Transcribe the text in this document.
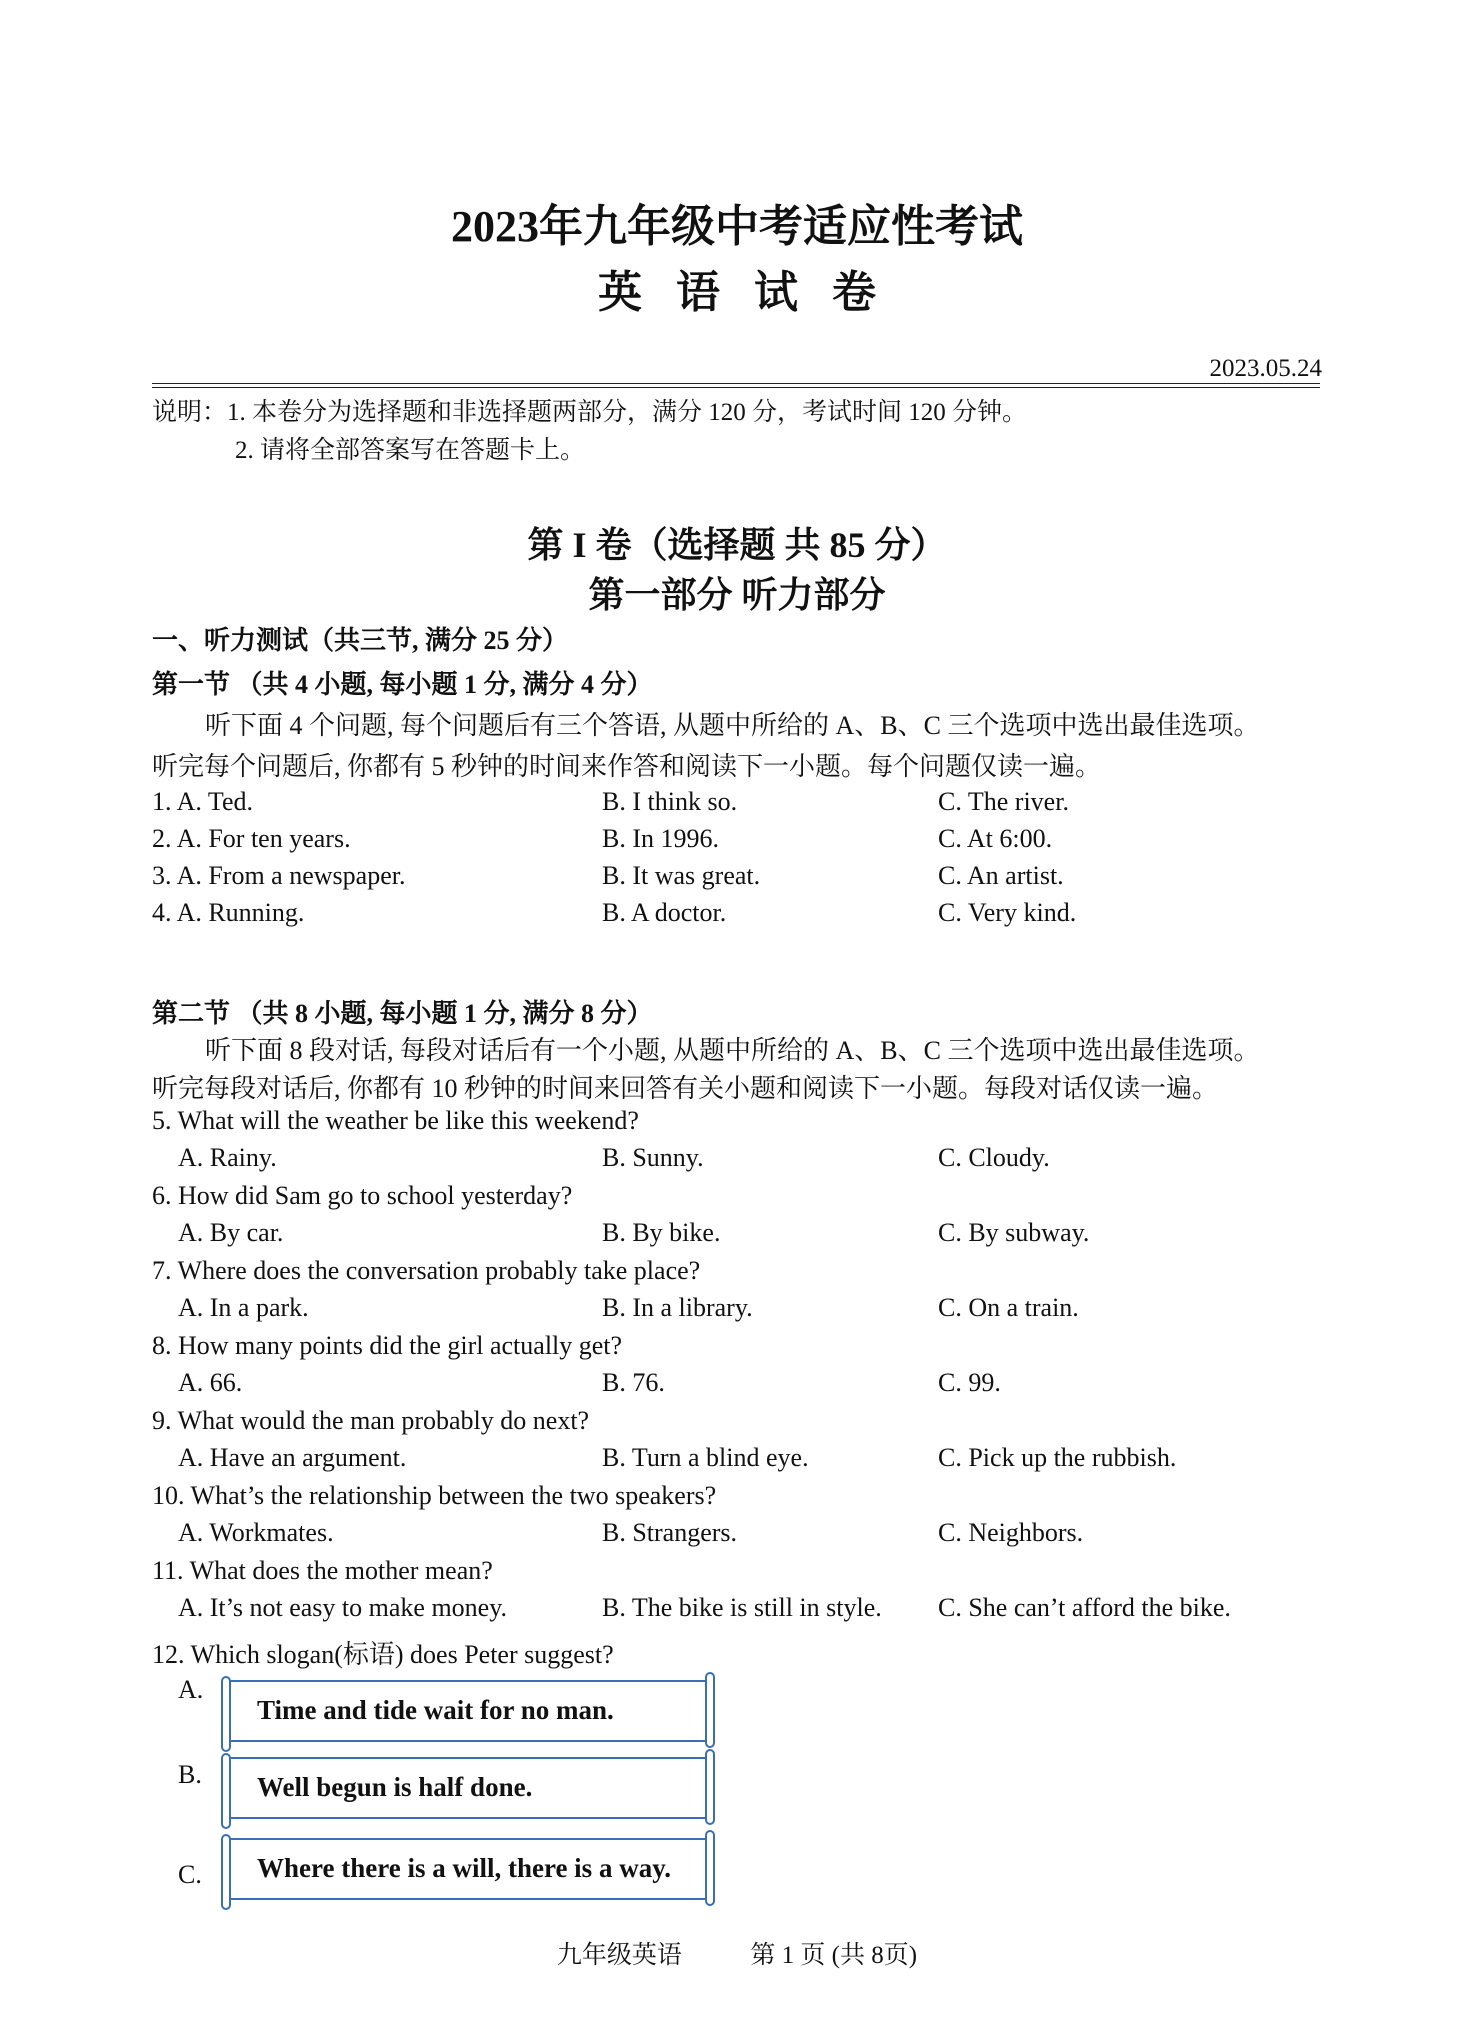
2023年九年级中考适应性考试
英语试卷
2023.05.24
说明：1. 本卷分为选择题和非选择题两部分，满分 120 分，考试时间 120 分钟。
2. 请将全部答案写在答题卡上。
第 I 卷（选择题 共 85 分）
第一部分 听力部分
一、听力测试（共三节, 满分 25 分）
第一节 （共 4 小题, 每小题 1 分, 满分 4 分）
听下面 4 个问题, 每个问题后有三个答语, 从题中所给的 A、B、C 三个选项中选出最佳选项。
听完每个问题后, 你都有 5 秒钟的时间来作答和阅读下一小题。每个问题仅读一遍。
1. A. Ted.	B. I think so.	C. The river.
2. A. For ten years.	B. In 1996.	C. At 6:00.
3. A. From a newspaper.	B. It was great.	C. An artist.
4. A. Running.	B. A doctor.	C. Very kind.
第二节 （共 8 小题, 每小题 1 分, 满分 8 分）
听下面 8 段对话, 每段对话后有一个小题, 从题中所给的 A、B、C 三个选项中选出最佳选项。
听完每段对话后, 你都有 10 秒钟的时间来回答有关小题和阅读下一小题。每段对话仅读一遍。
5. What will the weather be like this weekend?
A. Rainy.	B. Sunny.	C. Cloudy.
6. How did Sam go to school yesterday?
A. By car.	B. By bike.	C. By subway.
7. Where does the conversation probably take place?
A. In a park.	B. In a library.	C. On a train.
8. How many points did the girl actually get?
A. 66.	B. 76.	C. 99.
9. What would the man probably do next?
A. Have an argument.	B. Turn a blind eye.	C. Pick up the rubbish.
10. What’s the relationship between the two speakers?
A. Workmates.	B. Strangers.	C. Neighbors.
11. What does the mother mean?
A. It’s not easy to make money.	B. The bike is still in style. C. She can’t afford the bike.
12. Which slogan(标语) does Peter suggest?
A.
Time and tide wait for no man.
B. Well begun is half done.
C. Where there is a will, there is a way.
九年级英语	第 1 页 (共 8页)
